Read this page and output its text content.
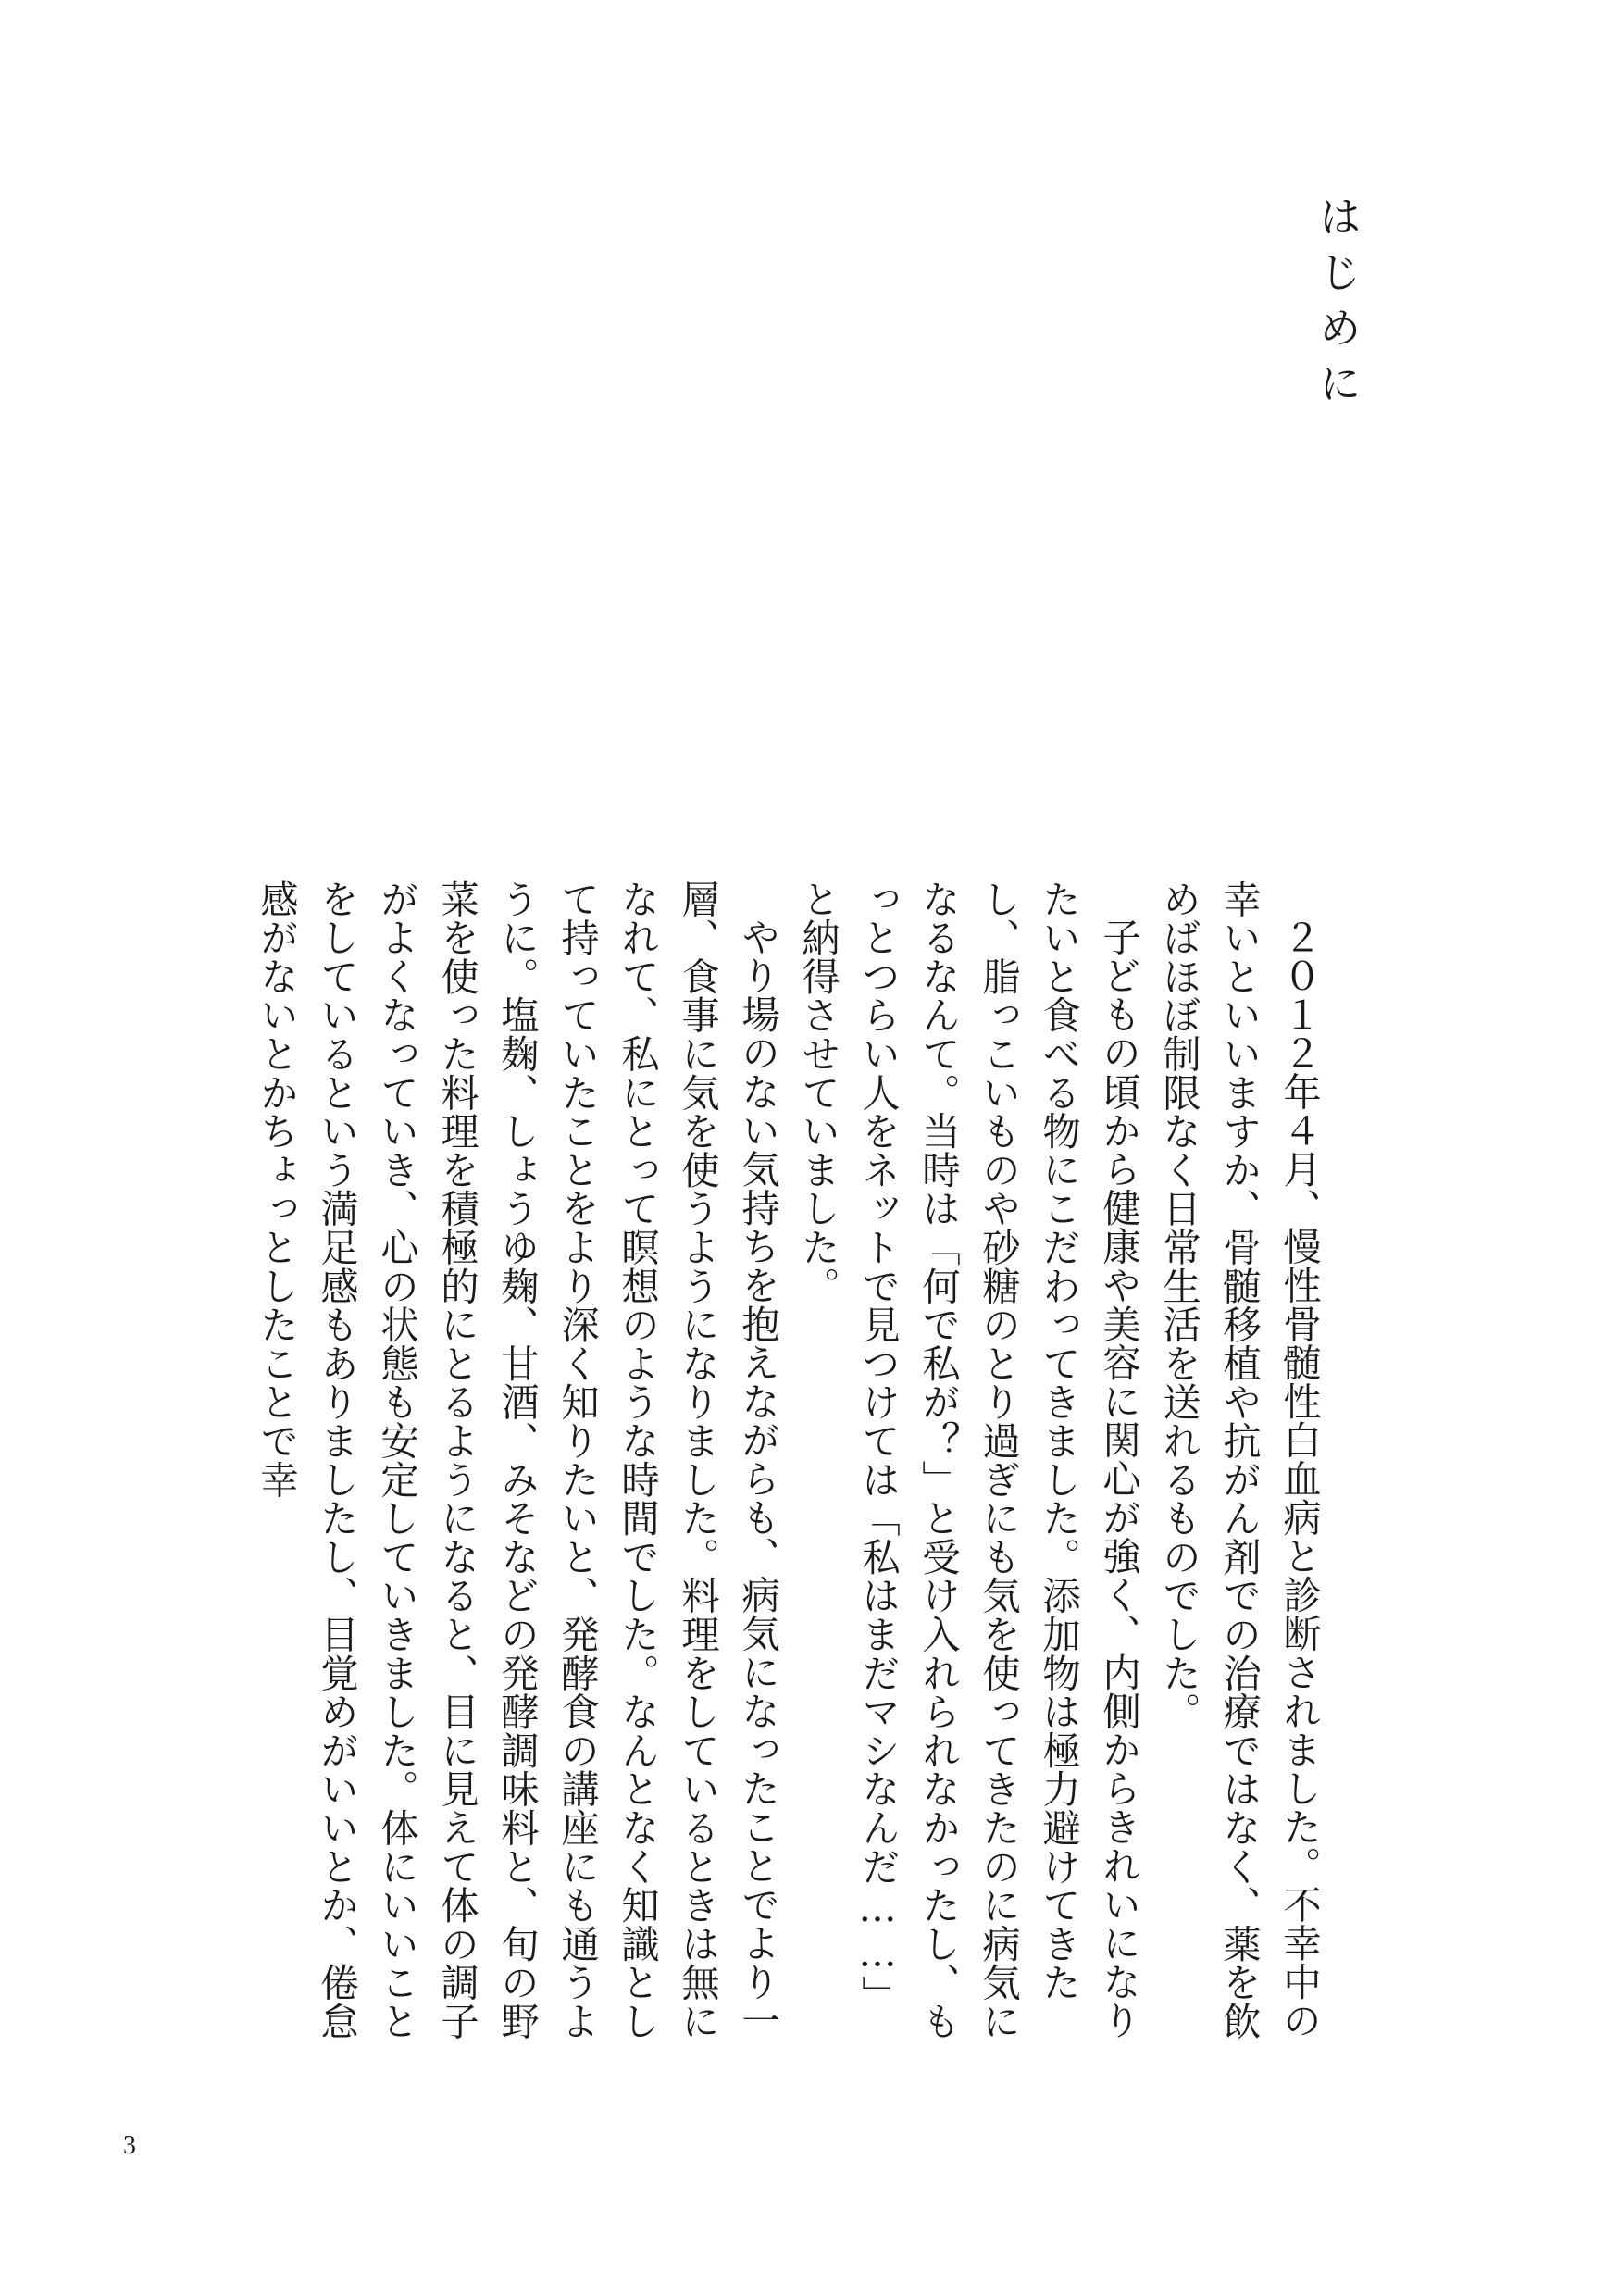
はじめに

２０１２年４月、慢性骨髄性白血病と診断されました。不幸中の幸いといいますか、骨髄移植や抗がん剤での治療ではなく、薬を飲めばほぼ制限なく日常生活を送れるものでした。

子どもの頃から健康や美容に関心が強く、内側からきれいになりたいと食べる物にこだわってきました。添加物は極力避けてきたし、脂っこいものや砂糖のとり過ぎにも気を使ってきたのに病気になるなんて。当時は「何で私が？」と受け入れられなかったし、もっとつらい人をネットで見つけては「私はまだマシなんだ……」と納得させていました。

やり場のない気持ちを抱えながらも、病気になったことでより一層、食事に気を使うようになりました。料理をしているときは無になれて、私にとって瞑想のような時間でした。なんとなく知識として持っていたことをより深く知りたいと、発酵食の講座にも通うように。塩麹、しょうゆ麹、甘酒、みそなどの発酵調味料と、旬の野菜を使った料理を積極的にとるようになると、目に見えて体の調子がよくなっていき、心の状態も安定していきました。体にいいことをしているという満足感もありましたし、目覚めがいいとか、倦怠感がないとかちょっとしたことで幸

3
